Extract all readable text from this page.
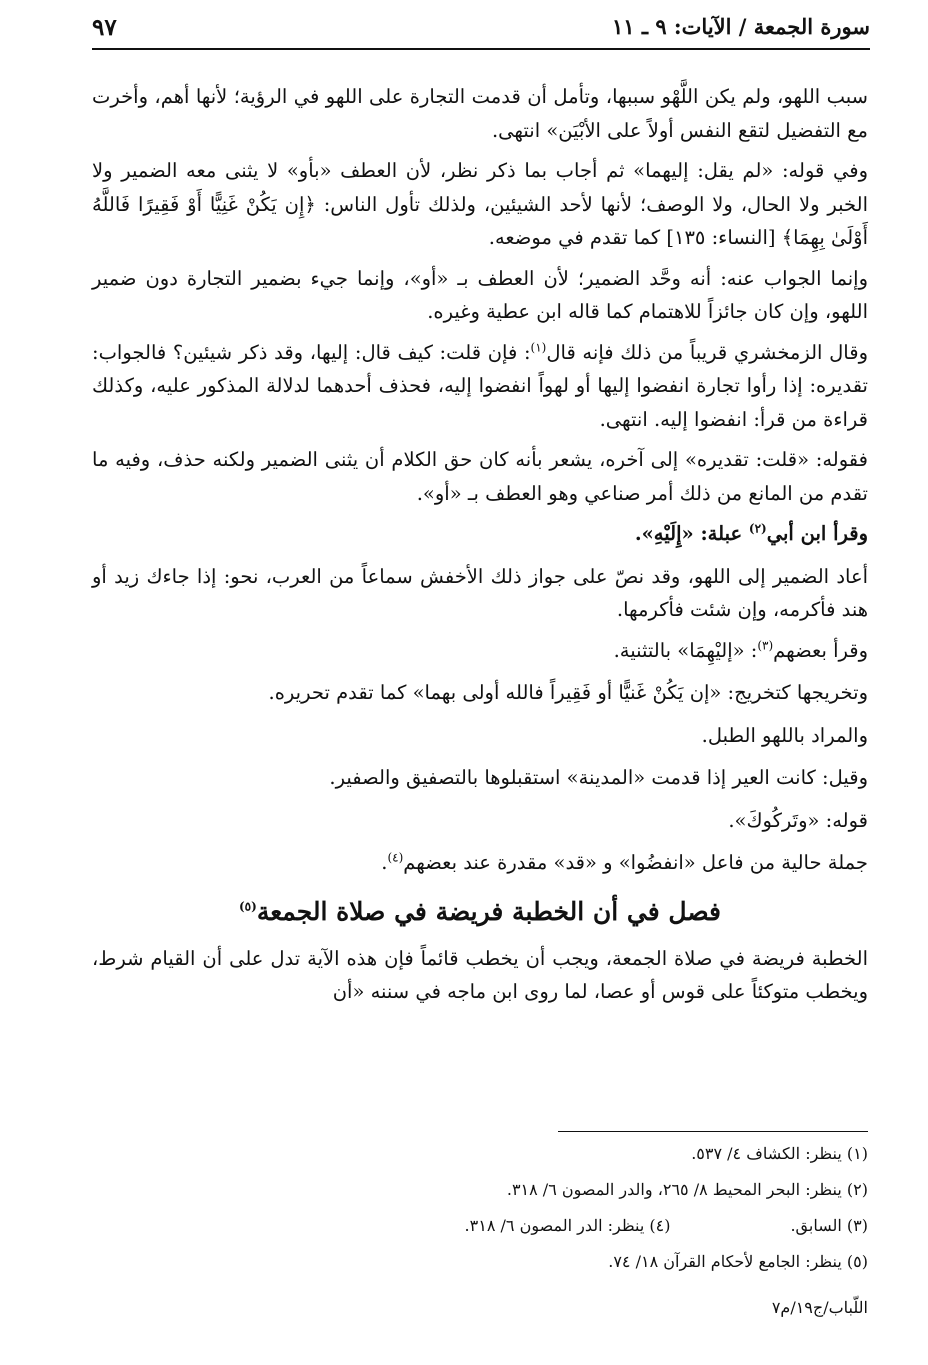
سورة الجمعة / الآيات: ٩ ـ ١١
٩٧

سبب اللهو، ولم يكن اللَّهْو سببها، وتأمل أن قدمت التجارة على اللهو في الرؤية؛ لأنها أهم، وأخرت مع التفضيل لتقع النفس أولاً على الأبْيَن» انتهى.

وفي قوله: «لم يقل: إليهما» ثم أجاب بما ذكر نظر، لأن العطف «بأو» لا يثنى معه الضمير ولا الخبر ولا الحال، ولا الوصف؛ لأنها لأحد الشيئين، ولذلك تأول الناس: ﴿إِن يَكُنْ غَنِيًّا أَوْ فَقِيرًا فَاللَّهُ أَوْلَىٰ بِهِمَا﴾ [النساء: ١٣٥] كما تقدم في موضعه.

وإنما الجواب عنه: أنه وحَّد الضمير؛ لأن العطف بـ «أو»، وإنما جيء بضمير التجارة دون ضمير اللهو، وإن كان جائزاً للاهتمام كما قاله ابن عطية وغيره.

وقال الزمخشري قريباً من ذلك فإنه قال$^{(١)}$: فإن قلت: كيف قال: إليها، وقد ذكر شيئين؟ فالجواب: تقديره: إذا رأوا تجارة انفضوا إليها أو لهواً انفضوا إليه، فحذف أحدهما لدلالة المذكور عليه، وكذلك قراءة من قرأ: انفضوا إليه. انتهى.

فقوله: «قلت: تقديره» إلى آخره، يشعر بأنه كان حق الكلام أن يثنى الضمير ولكنه حذف، وفيه ما تقدم من المانع من ذلك أمر صناعي وهو العطف بـ «أو».

وقرأ ابن أبي$^{(٢)}$ عبلة: «إِلَيْهِ».

أعاد الضمير إلى اللهو، وقد نصّ على جواز ذلك الأخفش سماعاً من العرب، نحو: إذا جاءك زيد أو هند فأكرمه، وإن شئت فأكرمها.

وقرأ بعضهم$^{(٣)}$: «إليْهِمَا» بالتثنية.

وتخريجها كتخريج: «إن يَكُنْ غَنيًّا أو فَقِيراً فالله أولى بهما» كما تقدم تحريره.

والمراد باللهو الطبل.

وقيل: كانت العير إذا قدمت «المدينة» استقبلوها بالتصفيق والصفير.

قوله: «وتَركُوكَ».

جملة حالية من فاعل «انفضُوا» و «قد» مقدرة عند بعضهم$^{(٤)}$.

فصل في أن الخطبة فريضة في صلاة الجمعة$^{(٥)}$

الخطبة فريضة في صلاة الجمعة، ويجب أن يخطب قائماً فإن هذه الآية تدل على أن القيام شرط، ويخطب متوكئاً على قوس أو عصا، لما روى ابن ماجه في سننه «أن

(١) ينظر: الكشاف ٤/ ٥٣٧.
(٢) ينظر: البحر المحيط ٨/ ٢٦٥، والدر المصون ٦/ ٣١٨.
(٣) السابق.
(٤) ينظر: الدر المصون ٦/ ٣١٨.
(٥) ينظر: الجامع لأحكام القرآن ١٨/ ٧٤.
اللّباب/ج١٩/م٧
